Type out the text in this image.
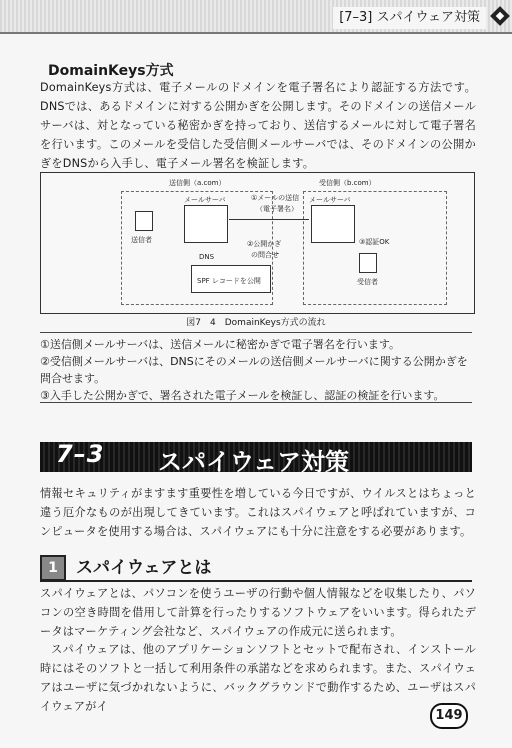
[7–3] スパイウェア対策
DomainKeys方式

DomainKeys方式は、電子メールのドメインを電子署名により認証する方法です。DNSでは、あるドメインに対する公開かぎを公開します。そのドメインの送信メールサーバは、対となっている秘密かぎを持っており、送信するメールに対して電子署名を行います。このメールを受信した受信側メールサーバでは、そのドメインの公開かぎをDNSから入手し、電子メール署名を検証します。

送信側（a.com）	受信側（b.com）
送信者
メールサーバ	①メールの送信
（電子署名）
メールサーバ
②公開かぎ
の問合せ
③認証OK
DNS
SPF レコードを公開	受信者
図7　4　DomainKeys方式の流れ

①送信側メールサーバは、送信メールに秘密かぎで電子署名を行います。

②受信側メールサーバは、DNSにそのメールの送信側メールサーバに関する公開かぎを問合せます。

③入手した公開かぎで、署名された電子メールを検証し、認証の検証を行います。

7–3 スパイウェア対策

情報セキュリティがますます重要性を増している今日ですが、ウイルスとはちょっと違う厄介なものが出現してきています。これはスパイウェアと呼ばれていますが、コンピュータを使用する場合は、スパイウェアにも十分に注意をする必要があります。

1	スパイウェアとは

スパイウェアとは、パソコンを使うユーザの行動や個人情報などを収集したり、パソコンの空き時間を借用して計算を行ったりするソフトウェアをいいます。得られたデータはマーケティング会社など、スパイウェアの作成元に送られます。

スパイウェアは、他のアプリケーションソフトとセットで配布され、インストール時にはそのソフトと一括して利用条件の承諾などを求められます。また、スパイウェアはユーザに気づかれないように、バックグラウンドで動作するため、ユーザはスパイウェアがイ

149
